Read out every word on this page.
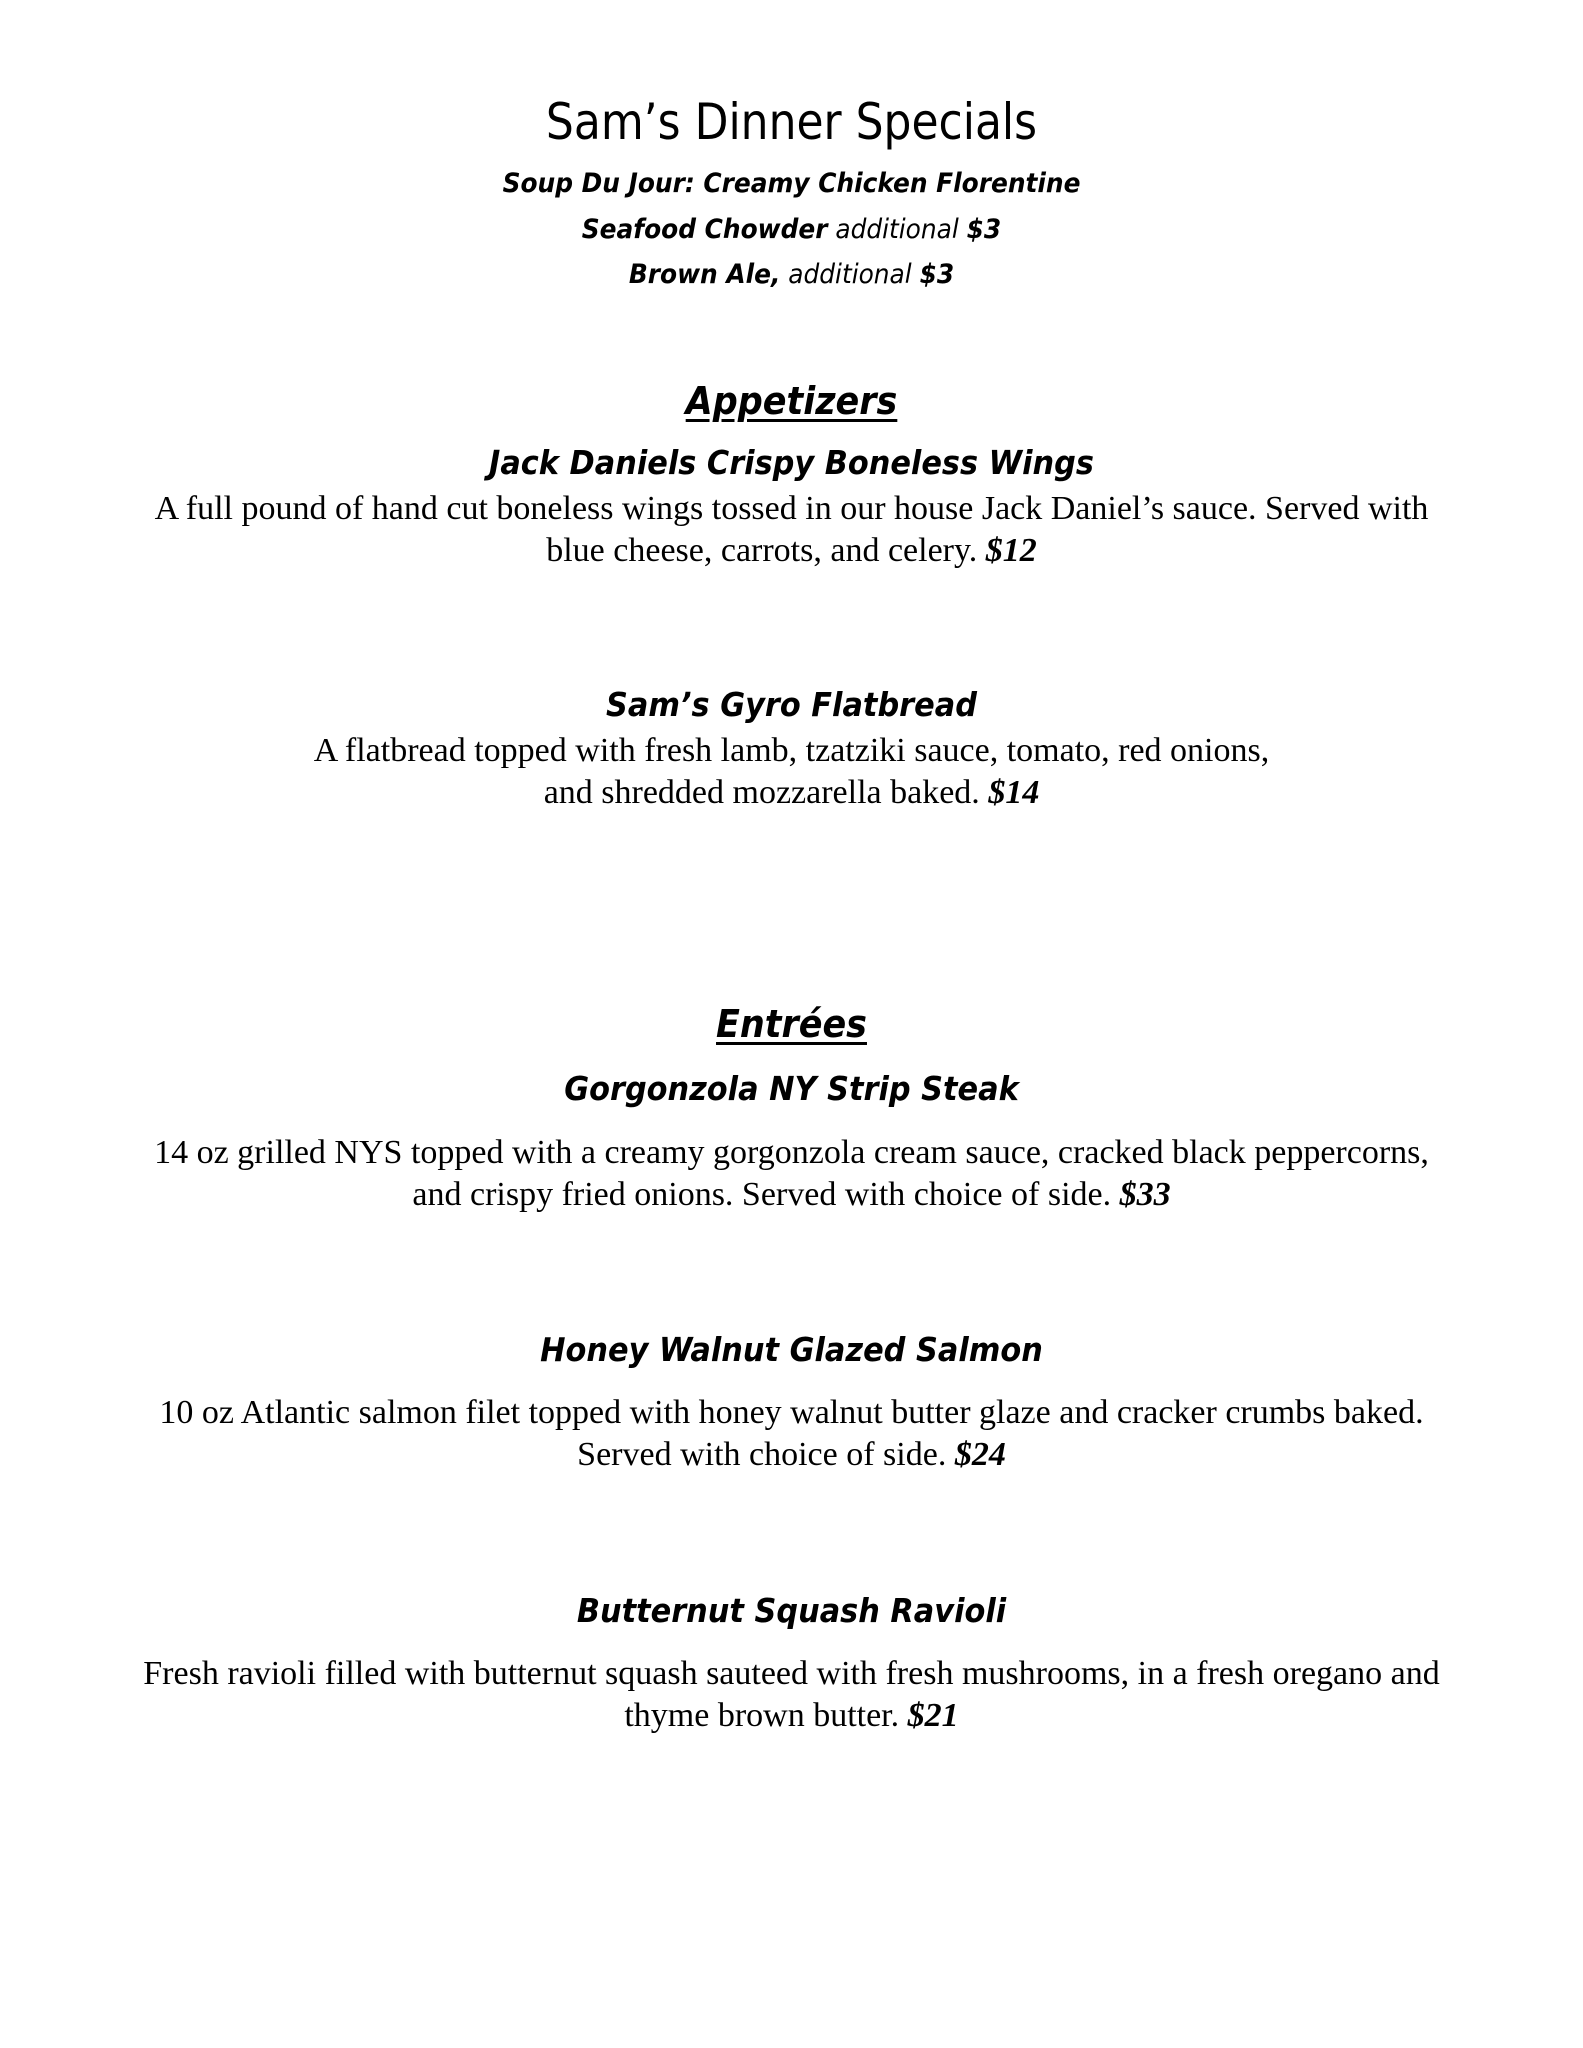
Sam’s Dinner Specials
Soup Du Jour: Creamy Chicken Florentine
Seafood Chowder additional $3
Brown Ale, additional $3
Appetizers
Jack Daniels Crispy Boneless Wings
A full pound of hand cut boneless wings tossed in our house Jack Daniel’s sauce. Served with
blue cheese, carrots, and celery. $12
Sam’s Gyro Flatbread
A flatbread topped with fresh lamb, tzatziki sauce, tomato, red onions,
and shredded mozzarella baked. $14
Entrées
Gorgonzola NY Strip Steak
14 oz grilled NYS topped with a creamy gorgonzola cream sauce, cracked black peppercorns,
and crispy fried onions. Served with choice of side. $33
Honey Walnut Glazed Salmon
10 oz Atlantic salmon filet topped with honey walnut butter glaze and cracker crumbs baked.
Served with choice of side. $24
Butternut Squash Ravioli
Fresh ravioli filled with butternut squash sauteed with fresh mushrooms, in a fresh oregano and
thyme brown butter. $21
